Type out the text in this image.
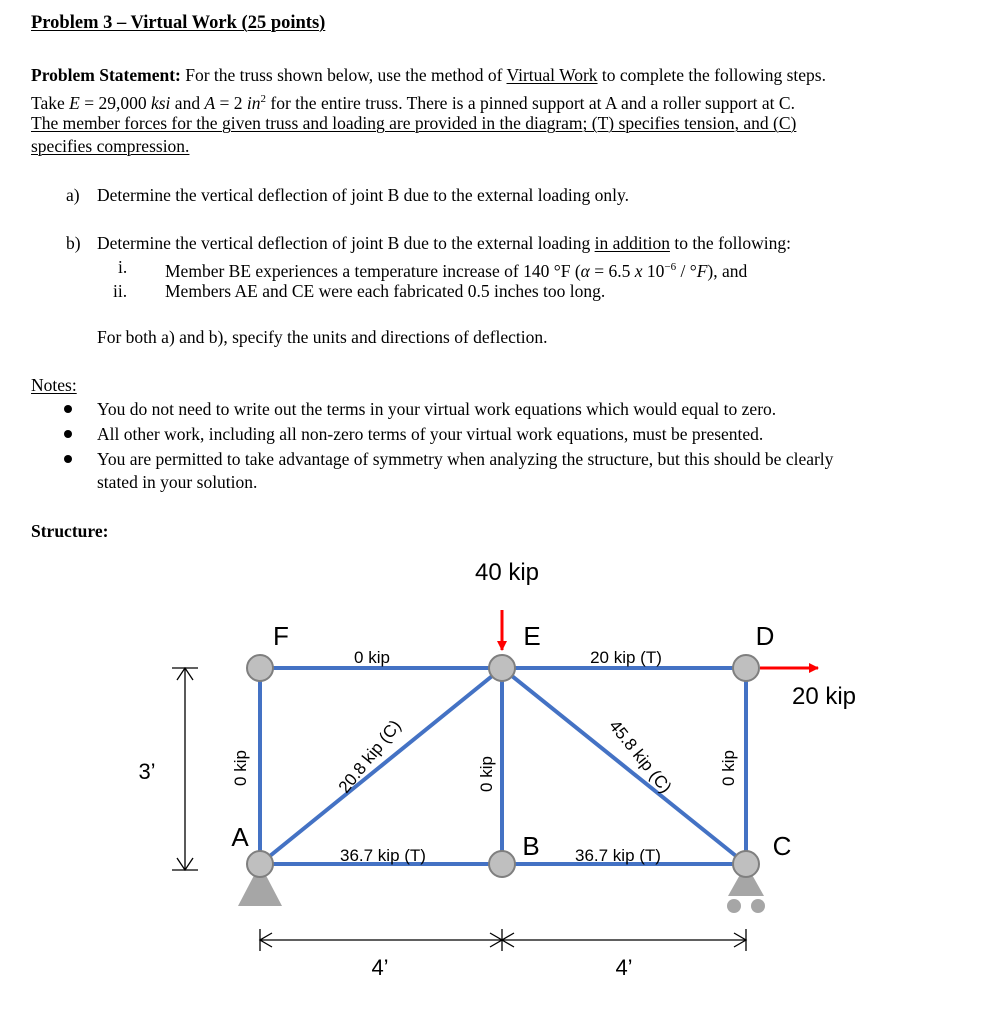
Problem 3 – Virtual Work (25 points)
Problem Statement: For the truss shown below, use the method of Virtual Work to complete the following steps.
Take E = 29,000 ksi and A = 2 $in^2$ for the entire truss. There is a pinned support at A and a roller support at C.
The member forces for the given truss and loading are provided in the diagram; (T) specifies tension, and (C)
specifies compression.
a) Determine the vertical deflection of joint B due to the external loading only.
b) Determine the vertical deflection of joint B due to the external loading in addition to the following:
i. Member BE experiences a temperature increase of 140 °F (α = 6.5 x $10^{-6} / ^\circ F$), and
ii. Members AE and CE were each fabricated 0.5 inches too long.
For both a) and b), specify the units and directions of deflection.
Notes:
You do not need to write out the terms in your virtual work equations which would equal to zero.
All other work, including all non-zero terms of your virtual work equations, must be presented.
You are permitted to take advantage of symmetry when analyzing the structure, but this should be clearly
stated in your solution.
Structure:
40 kip
20 kip
F	E	D
A	B	C
0 kip	20 kip (T)
36.7 kip (T)	36.7 kip (T)
20.8 kip (C)	45.8 kip (C)
0 kip	0 kip	0 kip
3’
4’	4’
